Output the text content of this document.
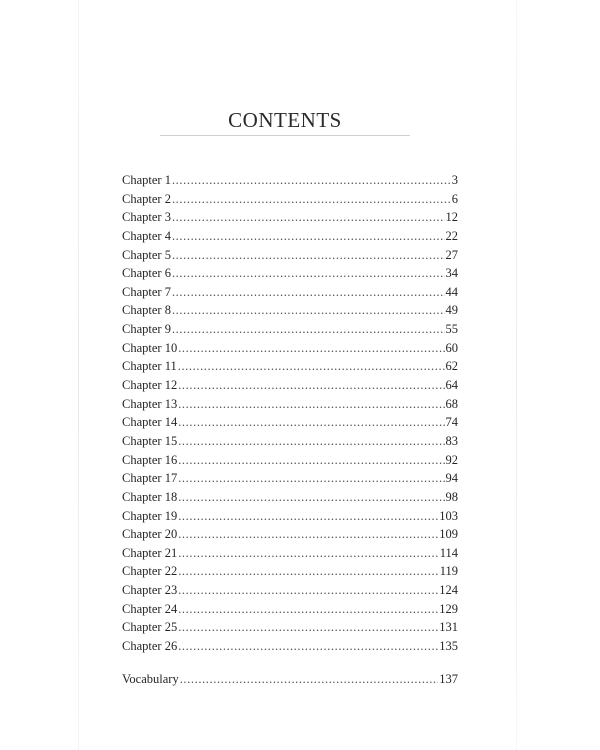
CONTENTS
Chapter 1 .....	3
Chapter 2 .....	6
Chapter 3 .....	12
Chapter 4 .....	22
Chapter 5 .....	27
Chapter 6 .....	34
Chapter 7 .....	44
Chapter 8 .....	49
Chapter 9 .....	55
Chapter 10 .....	60
Chapter 11 .....	62
Chapter 12 .....	64
Chapter 13 .....	68
Chapter 14 .....	74
Chapter 15 .....	83
Chapter 16 .....	92
Chapter 17 .....	94
Chapter 18 .....	98
Chapter 19 .....	103
Chapter 20 .....	109
Chapter 21 .....	114
Chapter 22 .....	119
Chapter 23 .....	124
Chapter 24 .....	129
Chapter 25 .....	131
Chapter 26 .....	135
Vocabulary .....	137
